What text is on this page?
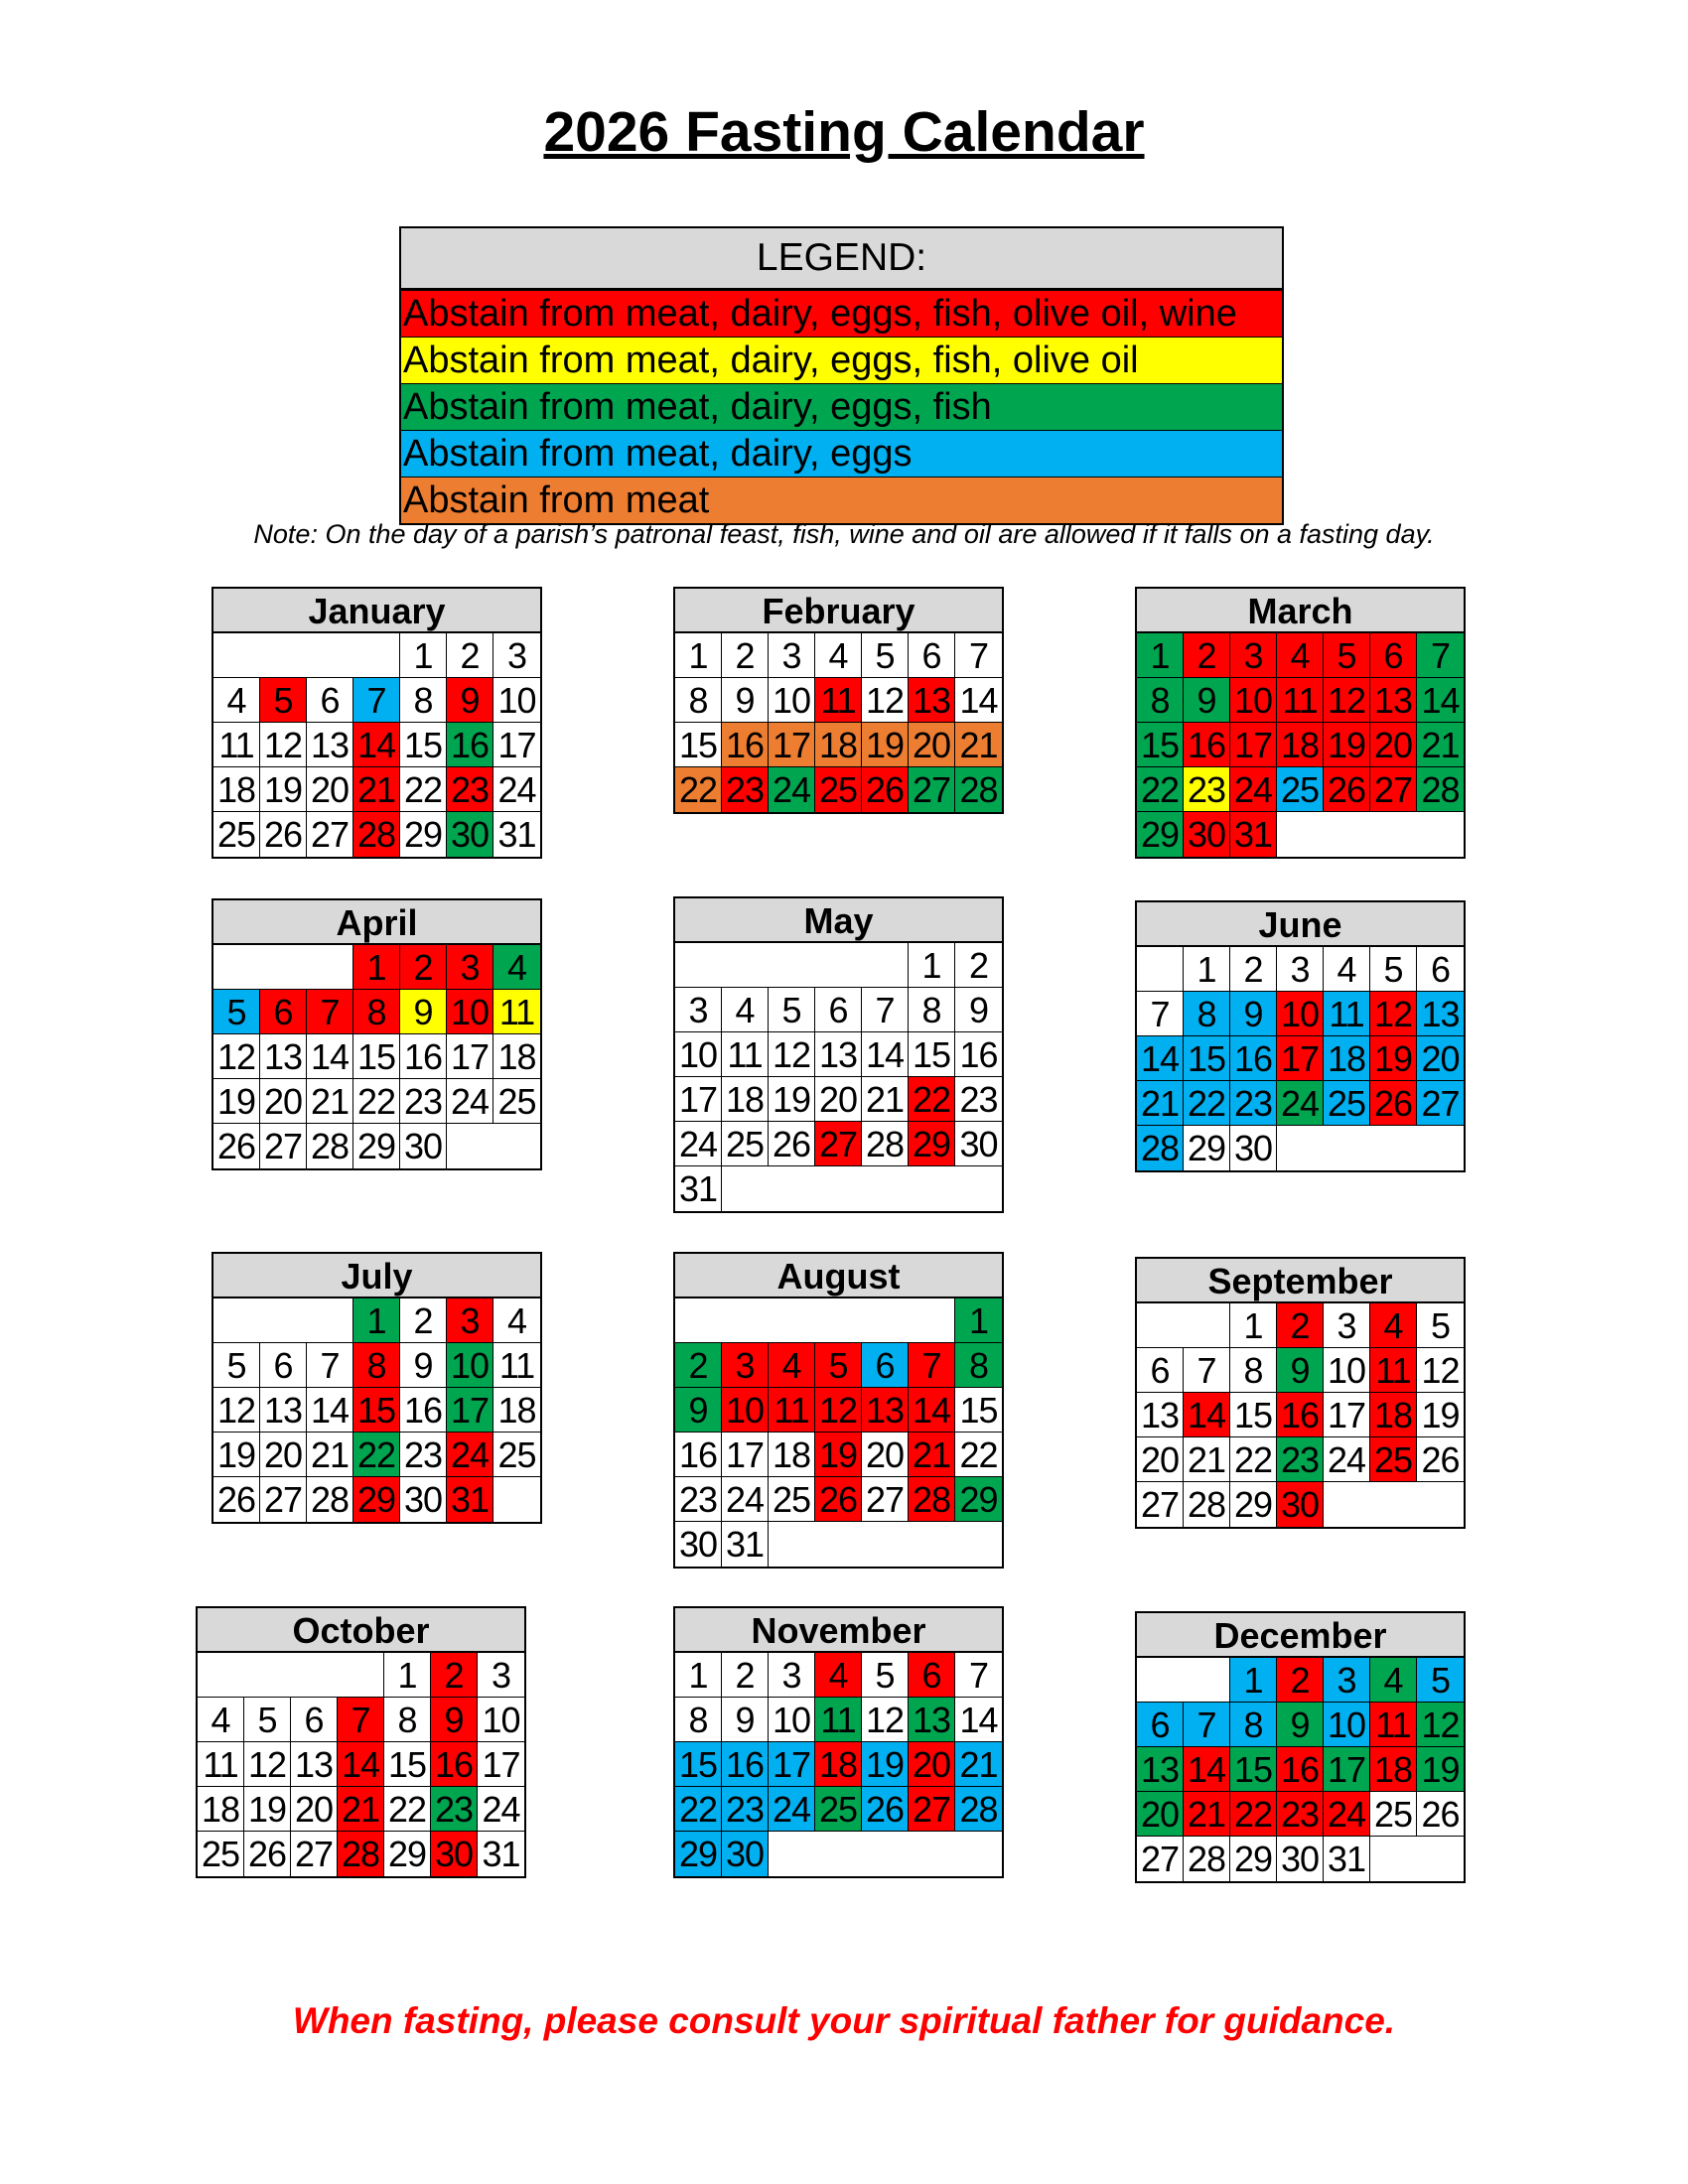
2026 Fasting Calendar
LEGEND:
Abstain from meat, dairy, eggs, fish, olive oil, wine
Abstain from meat, dairy, eggs, fish, olive oil
Abstain from meat, dairy, eggs, fish
Abstain from meat, dairy, eggs
Abstain from meat
Note: On the day of a parish’s patronal feast, fish, wine and oil are allowed if it falls on a fasting day.
January
1 2 3
4 5 6 7 8 9 10
11 12 13 14 15 16 17
18 19 20 21 22 23 24
25 26 27 28 29 30 31
February
1 2 3 4 5 6 7
8 9 10 11 12 13 14
15 16 17 18 19 20 21
22 23 24 25 26 27 28
March
1 2 3 4 5 6 7
8 9 10 11 12 13 14
15 16 17 18 19 20 21
22 23 24 25 26 27 28
29 30 31
April
1 2 3 4
5 6 7 8 9 10 11
12 13 14 15 16 17 18
19 20 21 22 23 24 25
26 27 28 29 30
May
1 2
3 4 5 6 7 8 9
10 11 12 13 14 15 16
17 18 19 20 21 22 23
24 25 26 27 28 29 30
31
June
1 2 3 4 5 6
7 8 9 10 11 12 13
14 15 16 17 18 19 20
21 22 23 24 25 26 27
28 29 30
July
1 2 3 4
5 6 7 8 9 10 11
12 13 14 15 16 17 18
19 20 21 22 23 24 25
26 27 28 29 30 31
August
1
2 3 4 5 6 7 8
9 10 11 12 13 14 15
16 17 18 19 20 21 22
23 24 25 26 27 28 29
30 31
September
1 2 3 4 5
6 7 8 9 10 11 12
13 14 15 16 17 18 19
20 21 22 23 24 25 26
27 28 29 30
October
1 2 3
4 5 6 7 8 9 10
11 12 13 14 15 16 17
18 19 20 21 22 23 24
25 26 27 28 29 30 31
November
1 2 3 4 5 6 7
8 9 10 11 12 13 14
15 16 17 18 19 20 21
22 23 24 25 26 27 28
29 30
December
1 2 3 4 5
6 7 8 9 10 11 12
13 14 15 16 17 18 19
20 21 22 23 24 25 26
27 28 29 30 31
When fasting, please consult your spiritual father for guidance.
